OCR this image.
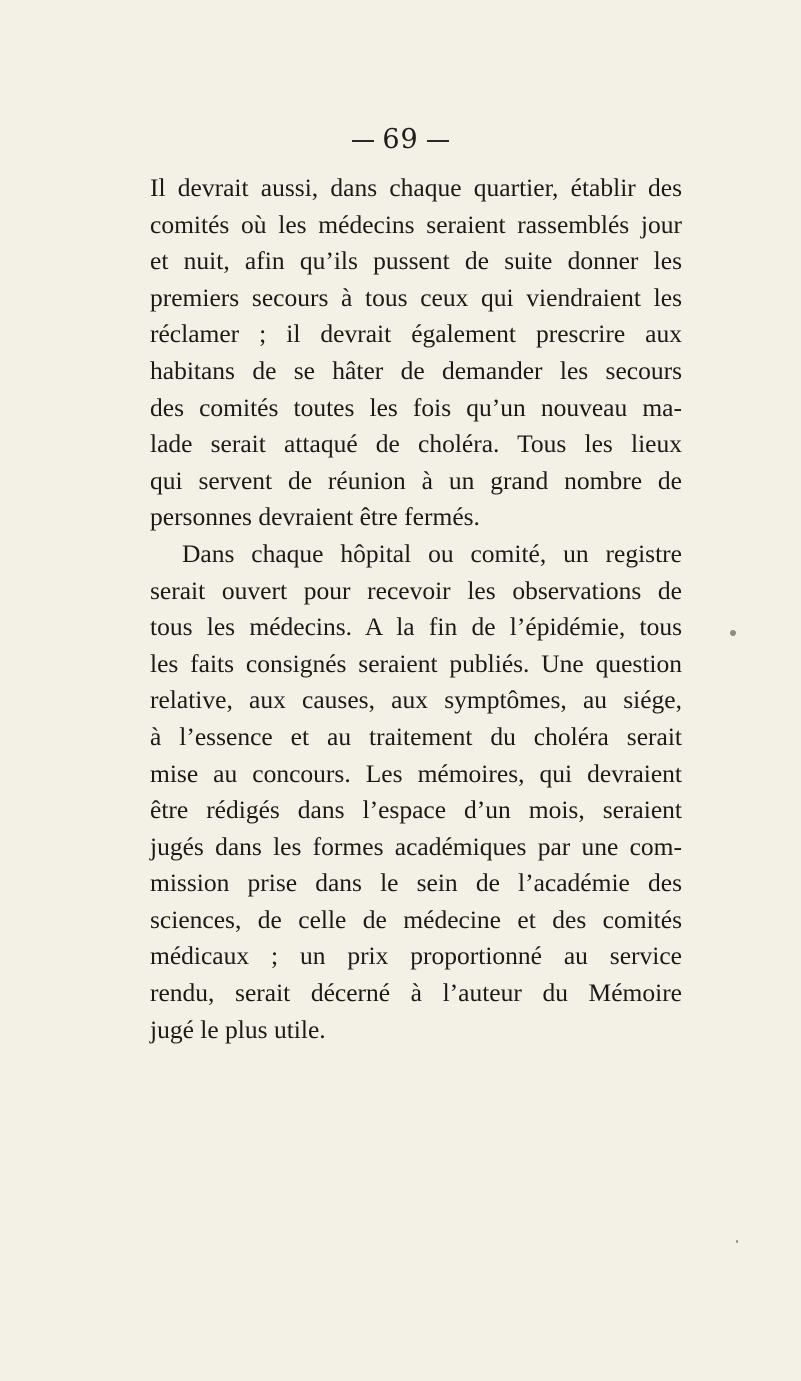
69
Il devrait aussi, dans chaque quartier, établir des
comités où les médecins seraient rassemblés jour
et nuit, afin qu’ils pussent de suite donner les
premiers secours à tous ceux qui viendraient les
réclamer ; il devrait également prescrire aux
habitans de se hâter de demander les secours
des comités toutes les fois qu’un nouveau ma-
lade serait attaqué de choléra. Tous les lieux
qui servent de réunion à un grand nombre de
personnes devraient être fermés.
Dans chaque hôpital ou comité, un registre
serait ouvert pour recevoir les observations de
tous les médecins. A la fin de l’épidémie, tous
les faits consignés seraient publiés. Une question
relative, aux causes, aux symptômes, au siége,
à l’essence et au traitement du choléra serait
mise au concours. Les mémoires, qui devraient
être rédigés dans l’espace d’un mois, seraient
jugés dans les formes académiques par une com-
mission prise dans le sein de l’académie des
sciences, de celle de médecine et des comités
médicaux ; un prix proportionné au service
rendu, serait décerné à l’auteur du Mémoire
jugé le plus utile.
